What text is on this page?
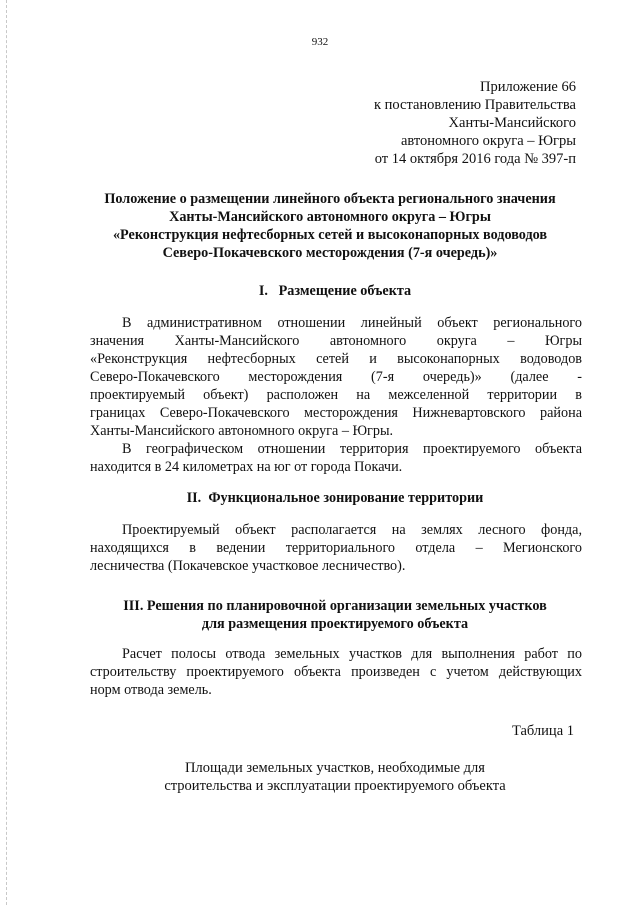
932
Приложение 66
к постановлению Правительства
Ханты-Мансийского
автономного округа – Югры
от 14 октября 2016 года № 397-п
Положение о размещении линейного объекта регионального значения
Ханты-Мансийского автономного округа – Югры
«Реконструкция нефтесборных сетей и высоконапорных водоводов
Северо-Покачевского месторождения (7-я очередь)»
I.   Размещение объекта
В административном отношении линейный объект регионального
значения Ханты-Мансийского автономного округа – Югры
«Реконструкция нефтесборных сетей и высоконапорных водоводов
Северо-Покачевского месторождения (7-я очередь)» (далее -
проектируемый объект) расположен на межселенной территории в
границах Северо-Покачевского месторождения Нижневартовского района
Ханты-Мансийского автономного округа – Югры.
В географическом отношении территория проектируемого объекта
находится в 24 километрах на юг от города Покачи.
II.  Функциональное зонирование территории
Проектируемый объект располагается на землях лесного фонда,
находящихся в ведении территориального отдела – Мегионского
лесничества (Покачевское участковое лесничество).
III. Решения по планировочной организации земельных участков
для размещения проектируемого объекта
Расчет полосы отвода земельных участков для выполнения работ по
строительству проектируемого объекта произведен с учетом действующих
норм отвода земель.
Таблица 1
Площади земельных участков, необходимые для
строительства и эксплуатации проектируемого объекта
